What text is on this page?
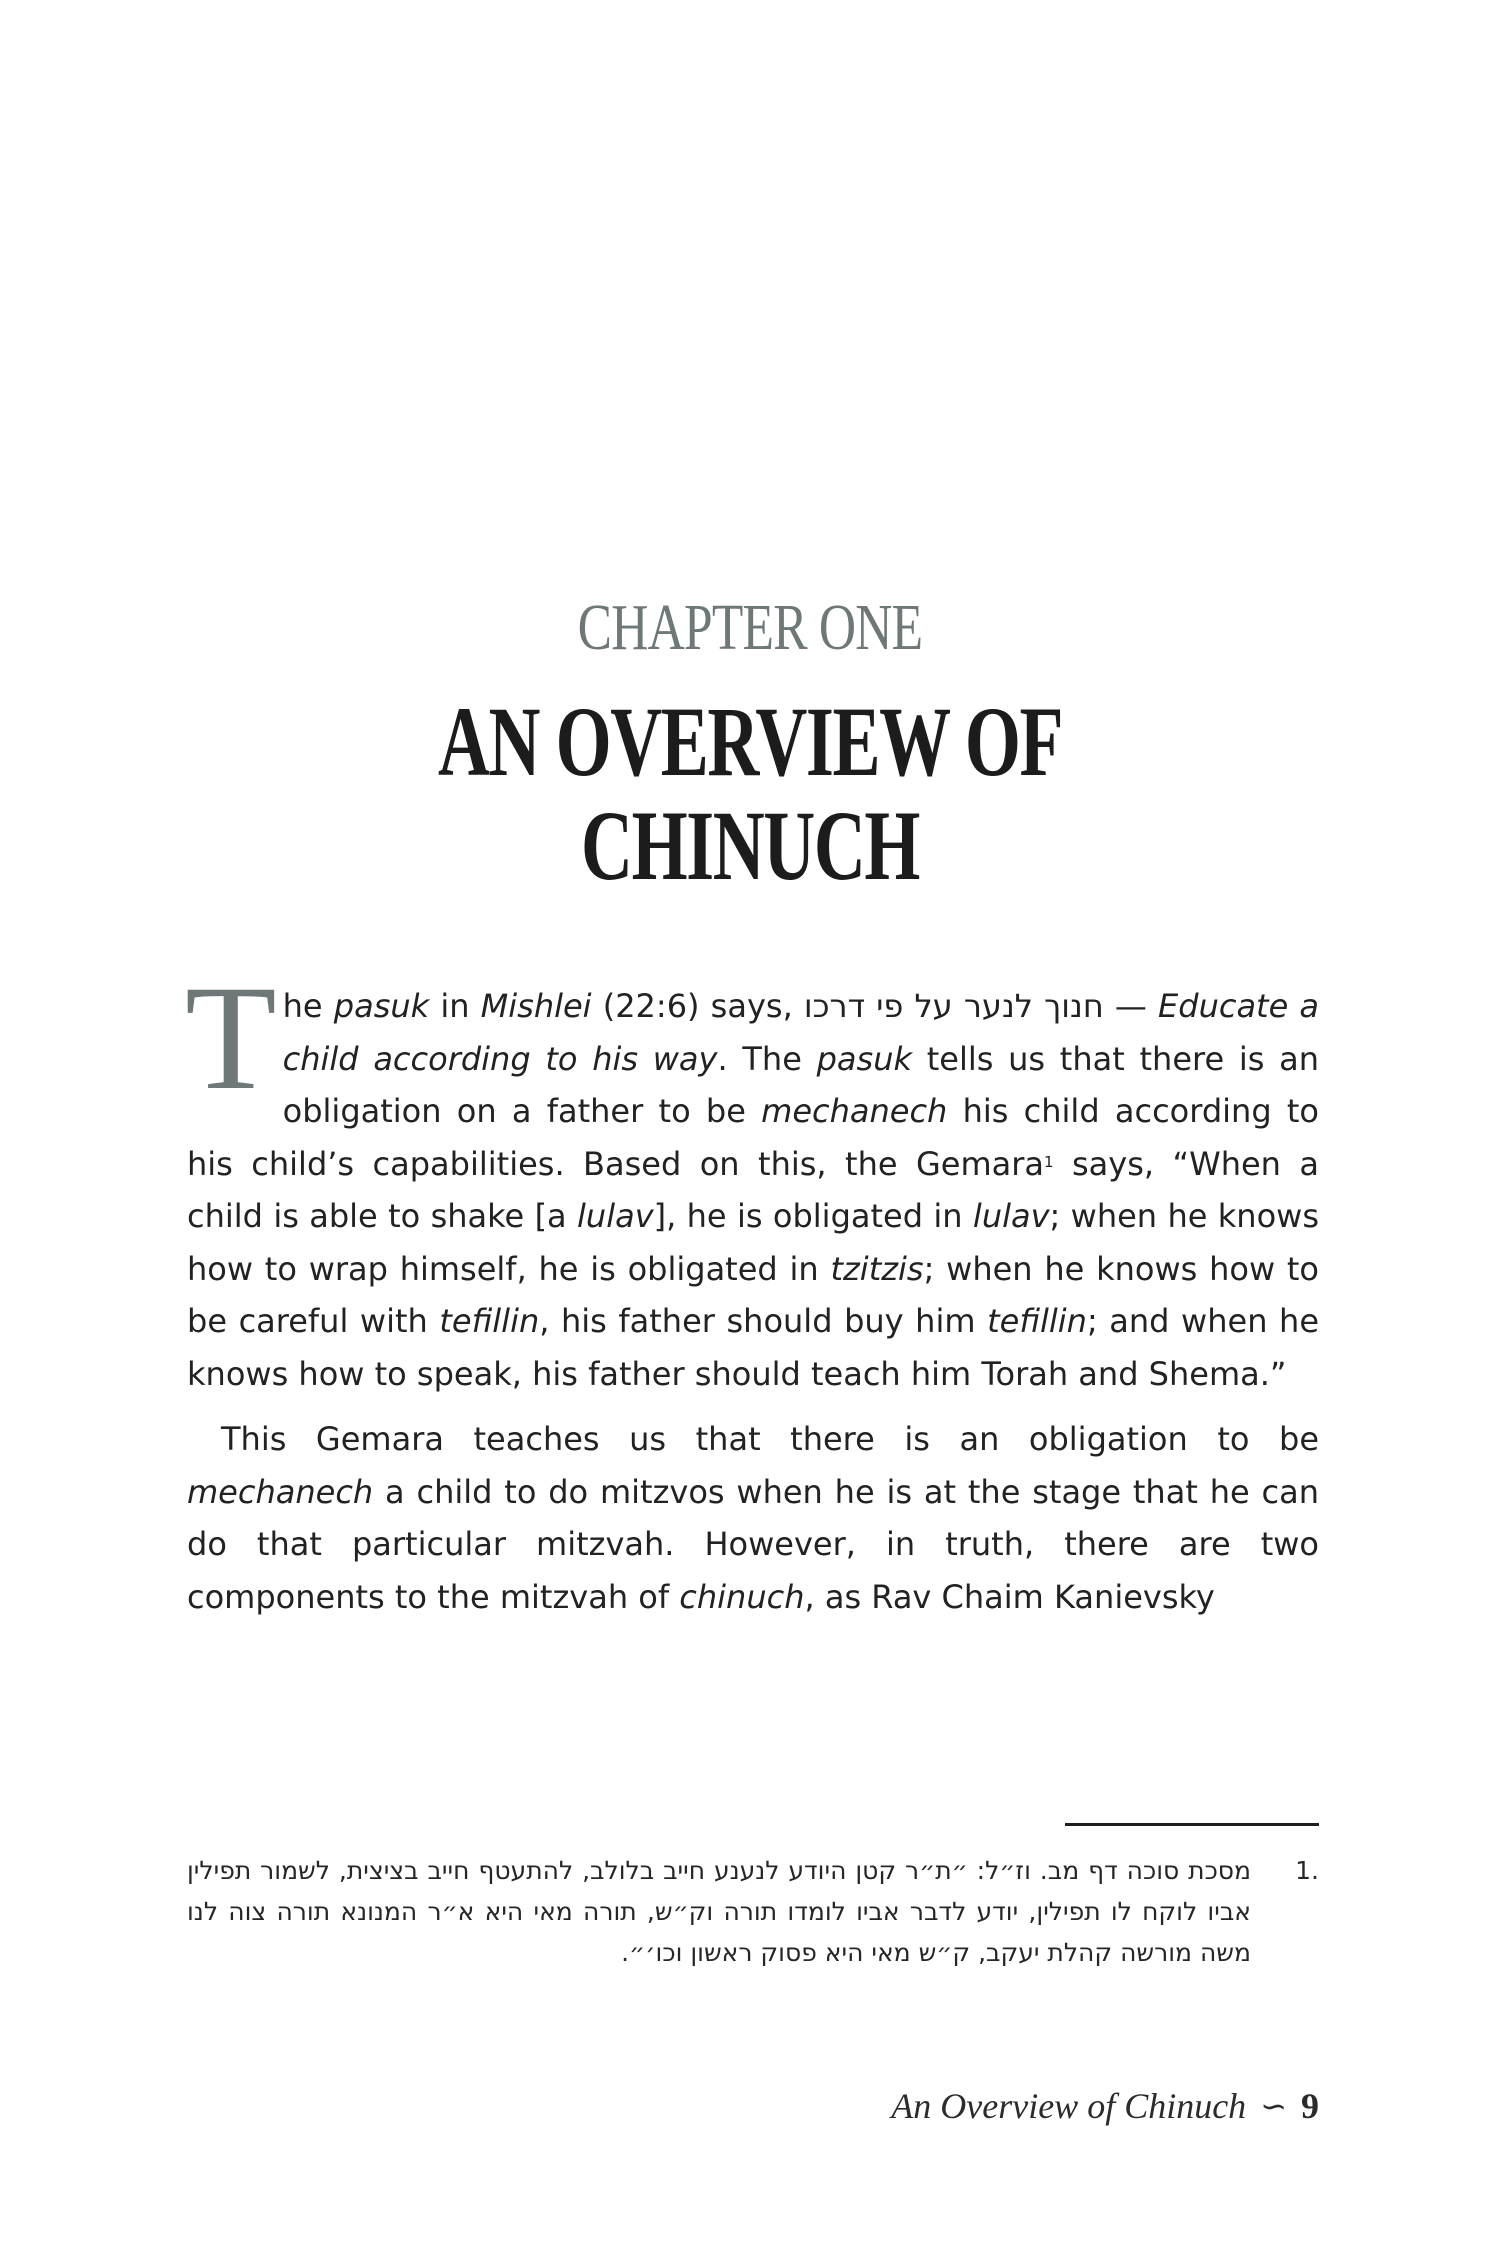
CHAPTER ONE
AN OVERVIEW OF
CHINUCH

The pasuk in Mishlei (22:6) says, חנוך לנער על פי דרכו — Educate a child according to his way. The pasuk tells us that there is an obligation on a father to be mechanech his child according to his child’s capabilities. Based on this, the Gemara$^1$ says, “When a child is able to shake [a lulav], he is obligated in lulav; when he knows how to wrap himself, he is obligated in tzitzis; when he knows how to be careful with tefillin, his father should buy him tefillin; and when he knows how to speak, his father should teach him Torah and Shema.”

This Gemara teaches us that there is an obligation to be mechanech a child to do mitzvos when he is at the stage that he can do that particular mitzvah. However, in truth, there are two components to the mitzvah of chinuch, as Rav Chaim Kanievsky

1.
מסכת סוכה דף מב. וז״ל: ״ת״ר קטן היודע לנענע חייב בלולב, להתעטף חייב בציצית, לשמור תפילין אביו לוקח לו תפילין, יודע לדבר אביו לומדו תורה וק״ש, תורה מאי היא א״ר המנונא תורה צוה לנו משה מורשה קהלת יעקב, ק״ש מאי היא פסוק ראשון וכו׳״.
An Overview of Chinuch ∽ 9
